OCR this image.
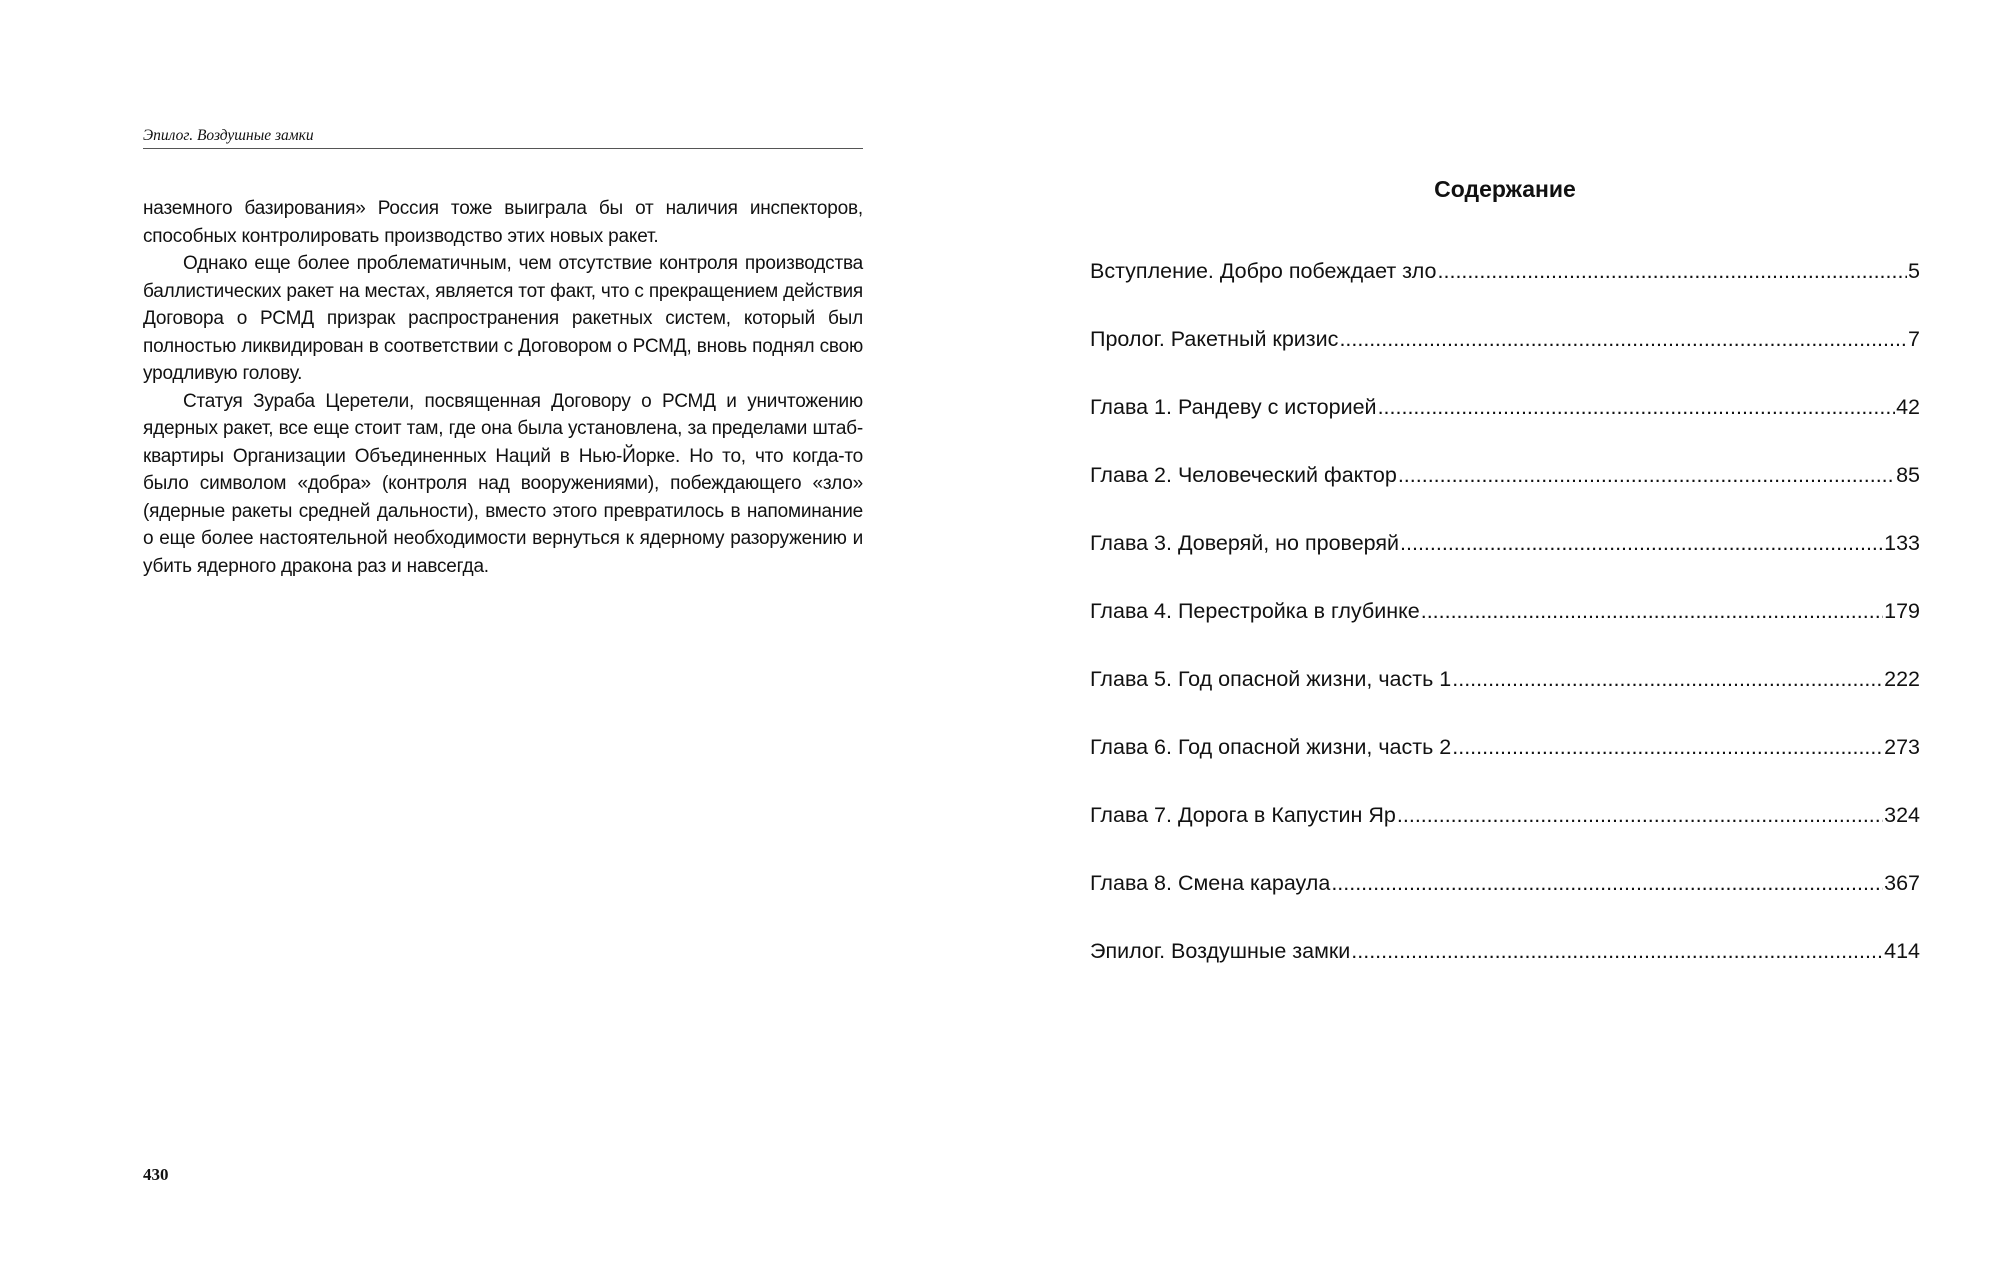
Эпилог. Воздушные замки

наземного базирования» Россия тоже выиграла бы от наличия инспекторов, способных контролировать производство этих новых ракет.

Однако еще более проблематичным, чем отсутствие контроля производства баллистических ракет на местах, является тот факт, что с прекращением действия Договора о РСМД призрак распространения ракетных систем, который был полностью ликвидирован в соответствии с Договором о РСМД, вновь поднял свою уродливую голову.

Статуя Зураба Церетели, посвященная Договору о РСМД и уничтожению ядерных ракет, все еще стоит там, где она была установлена, за пределами штаб-квартиры Организации Объединенных Наций в Нью-Йорке. Но то, что когда-то было символом «добра» (контроля над вооружениями), побеждающего «зло» (ядерные ракеты средней дальности), вместо этого превратилось в напоминание о еще более настоятельной необходимости вернуться к ядерному разоружению и убить ядерного дракона раз и навсегда.

430
Содержание
Вступление. Добро побеждает зло .....	5
Пролог. Ракетный кризис .....	7
Глава 1. Рандеву с историей .....	42
Глава 2. Человеческий фактор .....	85
Глава 3. Доверяй, но проверяй .....	133
Глава 4. Перестройка в глубинке .....	179
Глава 5. Год опасной жизни, часть 1 .....	222
Глава 6. Год опасной жизни, часть 2 .....	273
Глава 7. Дорога в Капустин Яр .....	324
Глава 8. Смена караула .....	367
Эпилог. Воздушные замки .....	414
